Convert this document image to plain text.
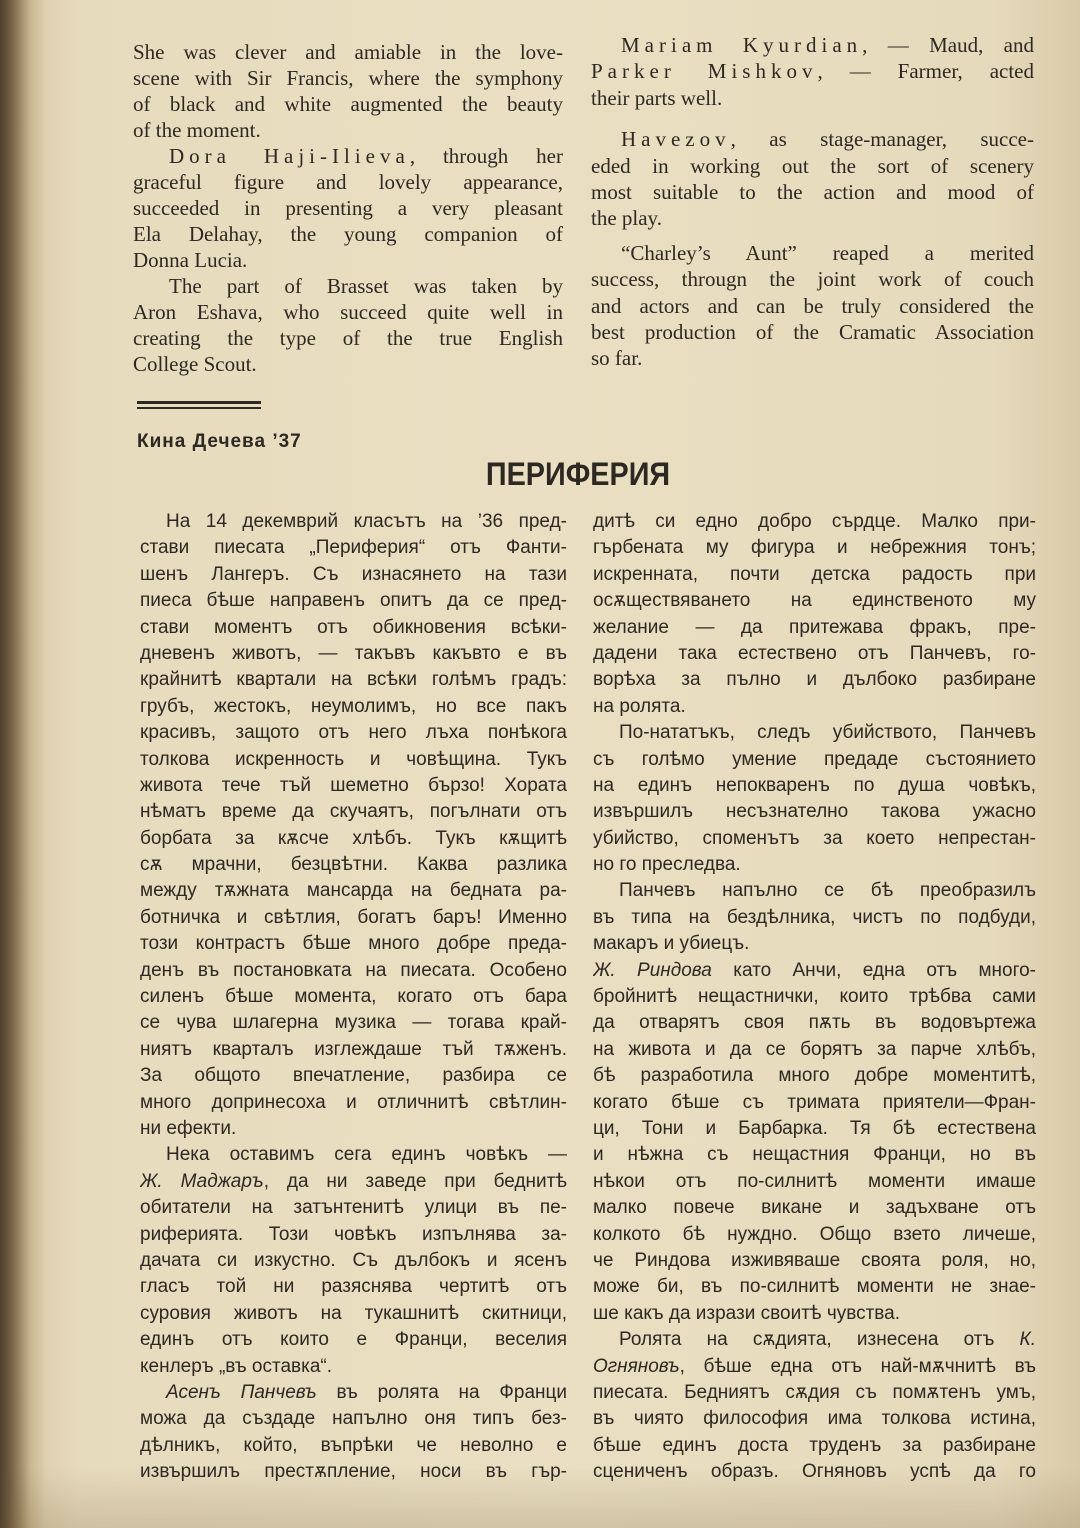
She was clever and amiable in the love-
scene with Sir Francis, where the symphony
of black and white augmented the beauty
of the moment.
Dora Haji-Ilieva, through her
graceful figure and lovely appearance,
succeeded in presenting a very pleasant
Ela Delahay, the young companion of
Donna Lucia.
The part of Brasset was taken by
Aron Eshava, who succeed quite well in
creating the type of the true English
College Scout.
Mariam Kyurdian, — Maud, and
Parker Mishkov, — Farmer, acted
their parts well.
Havezov, as stage-manager, succe-
eded in working out the sort of scenery
most suitable to the action and mood of
the play.
“Charley’s Aunt” reaped a merited
success, througn the joint work of couch
and actors and can be truly considered the
best production of the Cramatic Association
so far.
Кина Дечева ’37
ПЕРИФЕРИЯ
На 14 декемврий класътъ на ’36 пред-
стави пиесата „Периферия“ отъ Фанти-
шенъ Лангеръ. Съ изнасянето на тази
пиеса бѣше направенъ опитъ да се пред-
стави моментъ отъ обикновения всѣки-
дневенъ животъ, — такъвъ какъвто е въ
крайнитѣ квартали на всѣки голѣмъ градъ:
грубъ, жестокъ, неумолимъ, но все пакъ
красивъ, защото отъ него лъха понѣкога
толкова искренность и човѣщина. Тукъ
живота тече тъй шеметно бързо! Хората
нѣматъ време да скучаятъ, погълнати отъ
борбата за кѫсче хлѣбъ. Тукъ кѫщитѣ
сѫ мрачни, безцвѣтни. Каква разлика
между тѫжната мансарда на бедната ра-
ботничка и свѣтлия, богатъ баръ! Именно
този контрастъ бѣше много добре преда-
денъ въ постановката на пиесата. Особено
силенъ бѣше момента, когато отъ бара
се чува шлагерна музика — тогава край-
ниятъ кварталъ изглеждаше тъй тѫженъ.
За общото впечатление, разбира се
много допринесоха и отличнитѣ свѣтлин-
ни ефекти.
Нека оставимъ сега единъ човѣкъ —
Ж. Маджаръ, да ни заведе при беднитѣ
обитатели на затънтенитѣ улици въ пе-
риферията. Този човѣкъ изпълнява за-
дачата си изкустно. Съ дълбокъ и ясенъ
гласъ той ни разяснява чертитѣ отъ
суровия животъ на тукашнитѣ скитници,
единъ отъ които е Франци, веселия
кенлеръ „въ оставка“.
Асенъ Панчевъ въ ролята на Франци
можа да създаде напълно оня типъ без-
дѣлникъ, който, въпрѣки че неволно е
извършилъ престѫпление, носи въ гър-
дитѣ си едно добро сърдце. Малко при-
гърбената му фигура и небрежния тонъ;
искренната, почти детска радость при
осѫществяването на единственото му
желание — да притежава фракъ, пре-
дадени така естествено отъ Панчевъ, го-
ворѣха за пълно и дълбоко разбиране
на ролята.
По-нататъкъ, следъ убийството, Панчевъ
съ голѣмо умение предаде състоянието
на единъ непокваренъ по душа човѣкъ,
извършилъ несъзнателно такова ужасно
убийство, споменътъ за което непрестан-
но го преследва.
Панчевъ напълно се бѣ преобразилъ
въ типа на бездѣлника, чистъ по подбуди,
макаръ и убиецъ.
Ж. Риндова като Анчи, една отъ много-
бройнитѣ нещастнички, които трѣбва сами
да отварятъ своя пѫть въ водовъртежа
на живота и да се борятъ за парче хлѣбъ,
бѣ разработила много добре моментитѣ,
когато бѣше съ тримата приятели—Фран-
ци, Тони и Барбарка. Тя бѣ естествена
и нѣжна съ нещастния Франци, но въ
нѣкои отъ по-силнитѣ моменти имаше
малко повече викане и задъхване отъ
колкото бѣ нуждно. Общо взето личеше,
че Риндова изживяваше своята роля, но,
може би, въ по-силнитѣ моменти не знае-
ше какъ да изрази своитѣ чувства.
Ролята на сѫдията, изнесена отъ К.
Огняновъ, бѣше една отъ най-мѫчнитѣ въ
пиесата. Бедниятъ сѫдия съ помѫтенъ умъ,
въ чиято философия има толкова истина,
бѣше единъ доста труденъ за разбиране
сцениченъ образъ. Огняновъ успѣ да го
